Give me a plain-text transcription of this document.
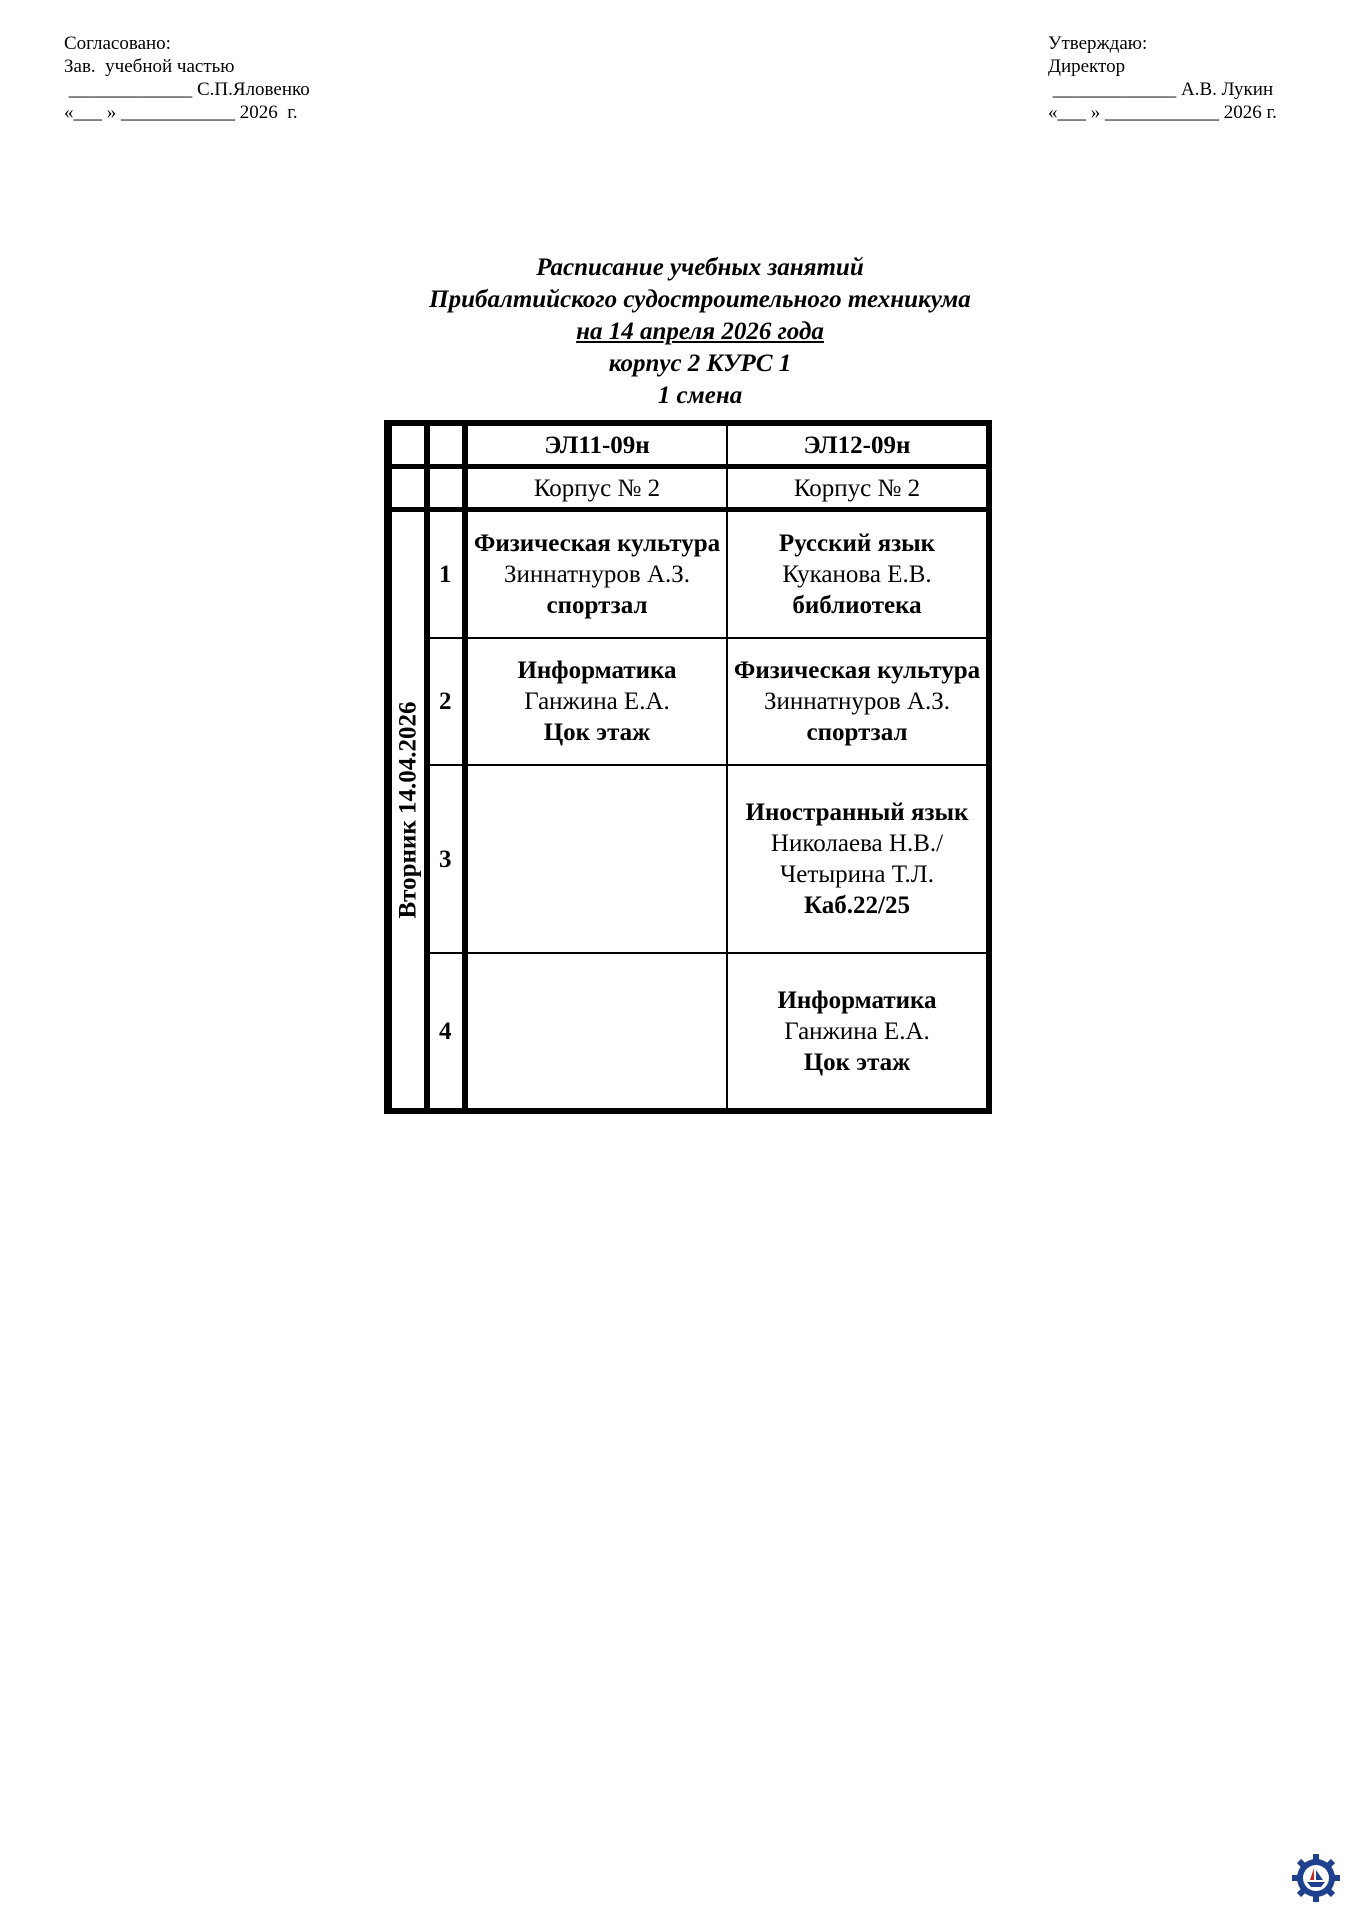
Согласовано:
Зав.  учебной частью
_____________ С.П.Яловенко
«___ » ____________ 2026  г.
Утверждаю:
Директор
_____________ А.В. Лукин
«___ » ____________ 2026 г.
Расписание учебных занятий
Прибалтийского судостроительного техникума
на 14 апреля 2026 года
корпус 2 КУРС 1
1 смена
		ЭЛ11-09н	ЭЛ12-09н
		Корпус № 2	Корпус № 2

Вторник 14.04.2026	1	Физическая культура
Зиннатнуров А.З.
спортзал	Русский язык
Куканова Е.В.
библиотека

	2	Информатика
Ганжина Е.А.
Цок этаж	Физическая культура
Зиннатнуров А.З.
спортзал

	3		Иностранный язык
Николаева Н.В./Четырина Т.Л.
Каб.22/25

	4		Информатика
Ганжина Е.А.
Цок этаж
